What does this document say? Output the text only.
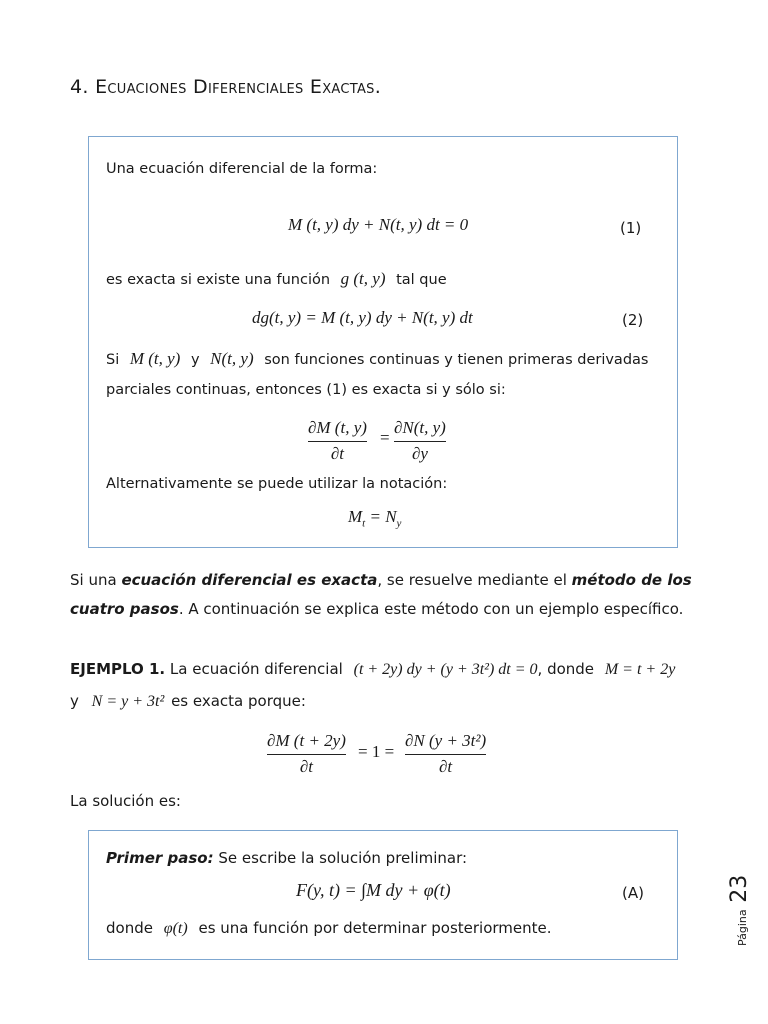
4. Ecuaciones Diferenciales Exactas.
Una ecuación diferencial de la forma:
M (t, y) dy + N(t, y) dt = 0	(1)
es exacta si existe una función g (t, y) tal que
dg(t, y) = M (t, y) dy + N(t, y) dt	(2)
Si M (t, y) y N(t, y) son funciones continuas y tienen primeras derivadas
parciales continuas, entonces (1) es exacta si y sólo si:
∂M (t, y)
∂t
=
∂N(t, y)
∂y
Alternativamente se puede utilizar la notación:
$M_t = N_y$
Si una ecuación diferencial es exacta, se resuelve mediante el método de los
cuatro pasos. A continuación se explica este método con un ejemplo específico.
EJEMPLO 1. La ecuación diferencial (t + 2y) dy + (y + 3t²) dt = 0, donde M = t + 2y
y N = y + 3t² es exacta porque:
∂M (t + 2y)
∂t
= 1 =
∂N (y + 3t²)
∂t
La solución es:
Primer paso: Se escribe la solución preliminar:
F(y, t) = ∫M dy + φ(t)	(A)
donde φ(t) es una función por determinar posteriormente.	Página 23
